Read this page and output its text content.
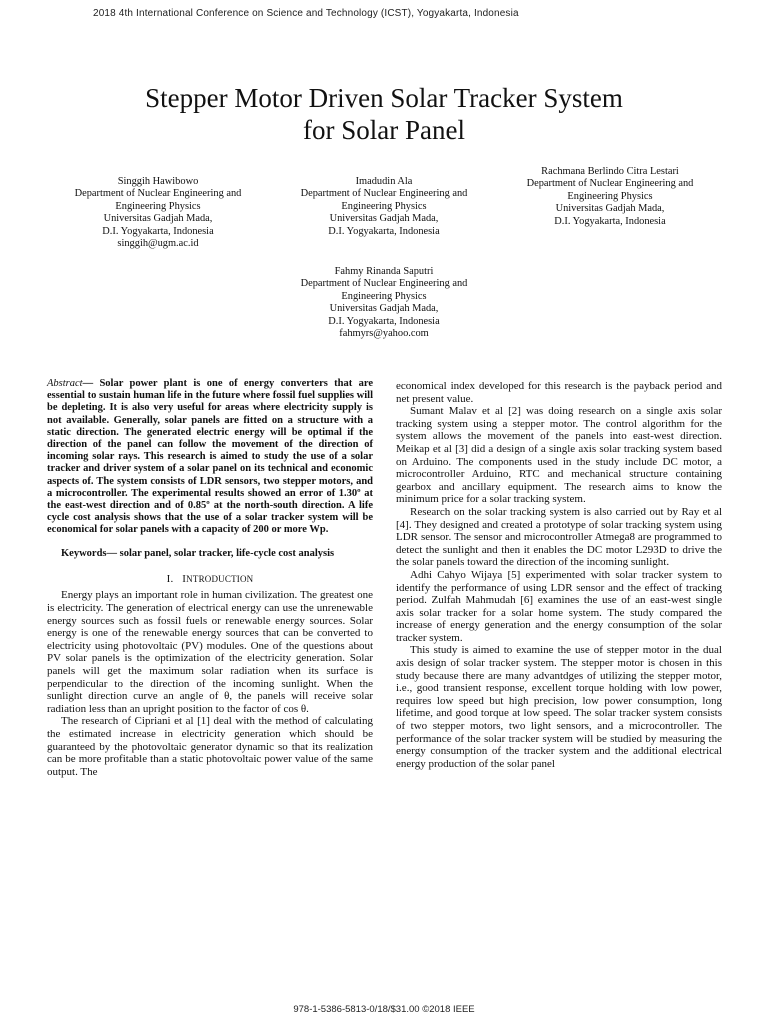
2018 4th International Conference on Science and Technology (ICST), Yogyakarta, Indonesia
Stepper Motor Driven Solar Tracker System
for Solar Panel
Singgih Hawibowo
Department of Nuclear Engineering and
Engineering Physics
Universitas Gadjah Mada,
D.I. Yogyakarta, Indonesia
singgih@ugm.ac.id
Imadudin Ala
Department of Nuclear Engineering and
Engineering Physics
Universitas Gadjah Mada,
D.I. Yogyakarta, Indonesia
Rachmana Berlindo Citra Lestari
Department of Nuclear Engineering and
Engineering Physics
Universitas Gadjah Mada,
D.I. Yogyakarta, Indonesia
Fahmy Rinanda Saputri
Department of Nuclear Engineering and
Engineering Physics
Universitas Gadjah Mada,
D.I. Yogyakarta, Indonesia
fahmyrs@yahoo.com

Abstract— Solar power plant is one of energy converters that are essential to sustain human life in the future where fossil fuel supplies will be depleting. It is also very useful for areas where electricity supply is not available. Generally, solar panels are fitted on a structure with a static direction. The generated electric energy will be optimal if the direction of the panel can follow the movement of the direction of incoming solar rays. This research is aimed to study the use of a solar tracker and driver system of a solar panel on its technical and economic aspects of. The system consists of LDR sensors, two stepper motors, and a microcontroller. The experimental results showed an error of 1.30º at the east-west direction and of 0.85º at the north-south direction. A life cycle cost analysis shows that the use of a solar tracker system will be economical for solar panels with a capacity of 200 or more Wp.

Keywords— solar panel, solar tracker, life-cycle cost analysis

I. INTRODUCTION

Energy plays an important role in human civilization. The greatest one is electricity. The generation of electrical energy can use the unrenewable energy sources such as fossil fuels or renewable energy sources. Solar energy is one of the renewable energy sources that can be converted to electricity using photovoltaic (PV) modules. One of the questions about PV solar panels is the optimization of the electricity generation. Solar panels will get the maximum solar radiation when its surface is perpendicular to the direction of the incoming sunlight. When the sunlight direction curve an angle of θ, the panels will receive solar radiation less than an upright position to the factor of cos θ.

The research of Cipriani et al [1] deal with the method of calculating the estimated increase in electricity generation which should be guaranteed by the photovoltaic generator dynamic so that its realization can be more profitable than a static photovoltaic power value of the same output. The

economical index developed for this research is the payback period and net present value.

Sumant Malav et al [2] was doing research on a single axis solar tracking system using a stepper motor. The control algorithm for the system allows the movement of the panels into east-west direction. Meikap et al [3] did a design of a single axis solar tracking system based on Arduino. The components used in the study include DC motor, a microcontroller Arduino, RTC and mechanical structure containing gearbox and ancillary equipment. The research aims to know the minimum price for a solar tracking system.

Research on the solar tracking system is also carried out by Ray et al [4]. They designed and created a prototype of solar tracking system using LDR sensor. The sensor and microcontroller Atmega8 are programmed to detect the sunlight and then it enables the DC motor L293D to drive the the solar panels toward the direction of the incoming sunlight.

Adhi Cahyo Wijaya [5] experimented with solar tracker system to identify the performance of using LDR sensor and the effect of tracking period. Zulfah Mahmudah [6] examines the use of an east-west single axis solar tracker for a solar home system. The study compared the increase of energy generation and the energy consumption of the solar tracker system.

This study is aimed to examine the use of stepper motor in the dual axis design of solar tracker system. The stepper motor is chosen in this study because there are many advantdges of utilizing the stepper motor, i.e., good transient response, excellent torque holding with low power, requires low speed but high precision, low power consumption, long lifetime, and good torque at low speed. The solar tracker system consists of two stepper motors, two light sensors, and a microcontroller. The performance of the solar tracker system will be studied by measuring the energy consumption of the tracker system and the additional electrical energy production of the solar panel

978-1-5386-5813-0/18/$31.00 ©2018 IEEE
